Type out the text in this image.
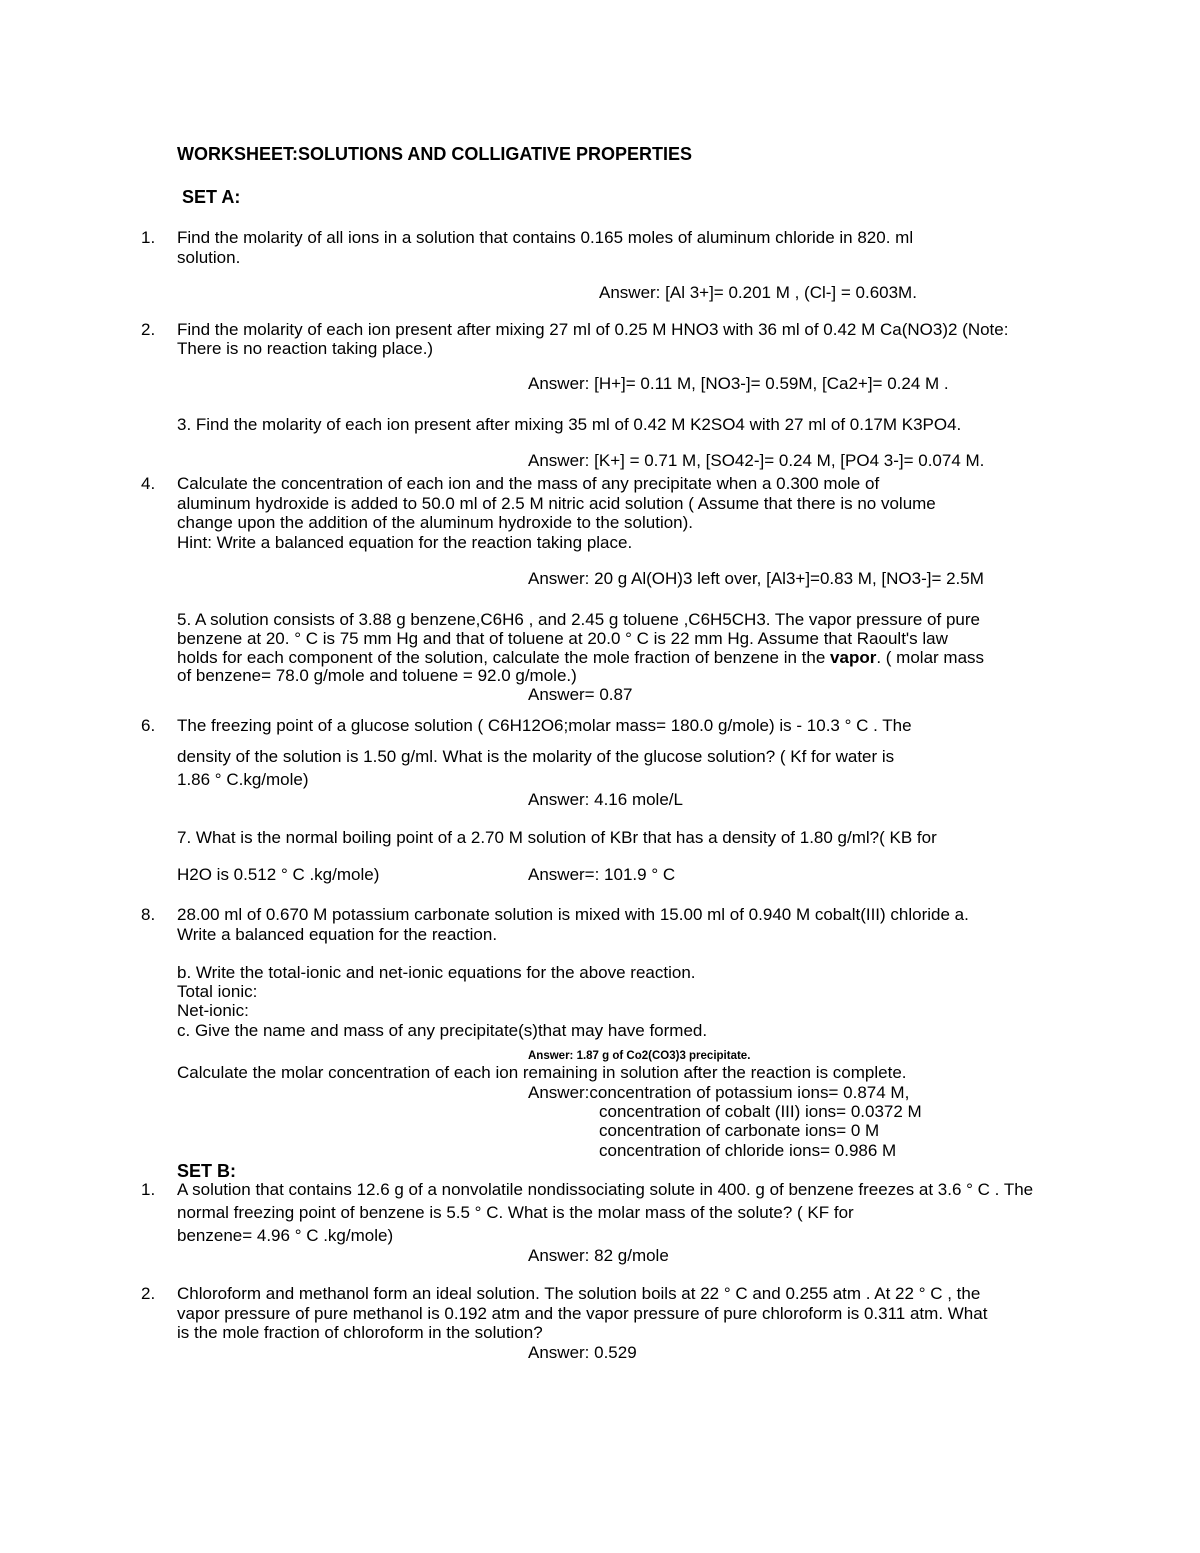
WORKSHEET:SOLUTIONS AND COLLIGATIVE PROPERTIES
SET A:
1. Find the molarity of all ions in a solution that contains 0.165 moles of aluminum chloride in 820. ml
solution.
Answer: [Al 3+]= 0.201 M , (Cl-] = 0.603M.
2. Find the molarity of each ion present after mixing 27 ml of 0.25 M HNO3 with 36 ml of 0.42 M Ca(NO3)2 (Note:
There is no reaction taking place.)
Answer: [H+]= 0.11 M, [NO3-]= 0.59M, [Ca2+]= 0.24 M .
3. Find the molarity of each ion present after mixing 35 ml of 0.42 M K2SO4 with 27 ml of 0.17M K3PO4.
Answer: [K+] = 0.71 M, [SO42-]= 0.24 M, [PO4 3-]= 0.074 M.
4. Calculate the concentration of each ion and the mass of any precipitate when a 0.300 mole of
aluminum hydroxide is added to 50.0 ml of 2.5 M nitric acid solution ( Assume that there is no volume
change upon the addition of the aluminum hydroxide to the solution).
Hint: Write a balanced equation for the reaction taking place.
Answer: 20 g Al(OH)3 left over, [Al3+]=0.83 M, [NO3-]= 2.5M
5. A solution consists of 3.88 g benzene,C6H6 , and 2.45 g toluene ,C6H5CH3. The vapor pressure of pure
benzene at 20. ° C is 75 mm Hg and that of toluene at 20.0 ° C is 22 mm Hg. Assume that Raoult's law
holds for each component of the solution, calculate the mole fraction of benzene in the vapor. ( molar mass
of benzene= 78.0 g/mole and toluene = 92.0 g/mole.)
Answer= 0.87
6. The freezing point of a glucose solution ( C6H12O6;molar mass= 180.0 g/mole) is - 10.3 ° C . The
density of the solution is 1.50 g/ml. What is the molarity of the glucose solution? ( Kf for water is
1.86 ° C.kg/mole)
Answer: 4.16 mole/L
7. What is the normal boiling point of a 2.70 M solution of KBr that has a density of 1.80 g/ml?( KB for
H2O is 0.512 ° C .kg/mole)	Answer=: 101.9 ° C
8. 28.00 ml of 0.670 M potassium carbonate solution is mixed with 15.00 ml of 0.940 M cobalt(III) chloride a.
Write a balanced equation for the reaction.
b. Write the total-ionic and net-ionic equations for the above reaction.
Total ionic:
Net-ionic:
c. Give the name and mass of any precipitate(s)that may have formed.
Answer: 1.87 g of Co2(CO3)3 precipitate.
Calculate the molar concentration of each ion remaining in solution after the reaction is complete.
Answer:concentration of potassium ions= 0.874 M,
concentration of cobalt (III) ions= 0.0372 M
concentration of carbonate ions= 0 M
concentration of chloride ions= 0.986 M
SET B:
1. A solution that contains 12.6 g of a nonvolatile nondissociating solute in 400. g of benzene freezes at 3.6 ° C . The
normal freezing point of benzene is 5.5 ° C. What is the molar mass of the solute? ( KF for
benzene= 4.96 ° C .kg/mole)
Answer: 82 g/mole
2. Chloroform and methanol form an ideal solution. The solution boils at 22 ° C and 0.255 atm . At 22 ° C , the
vapor pressure of pure methanol is 0.192 atm and the vapor pressure of pure chloroform is 0.311 atm. What
is the mole fraction of chloroform in the solution?
Answer: 0.529
